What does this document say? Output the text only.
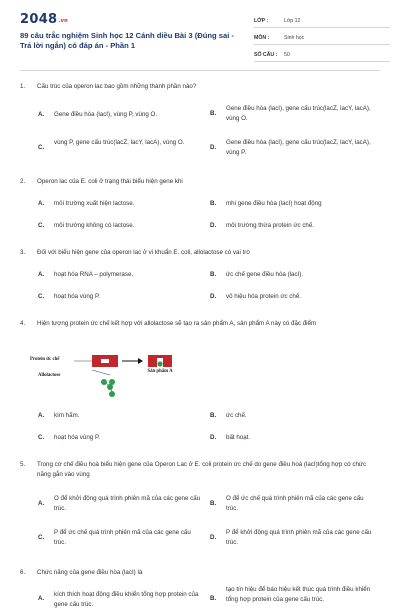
2048.vn
89 câu trắc nghiệm Sinh học 12 Cánh diều Bài 3 (Đúng sai - Trả lời ngắn) có đáp án - Phần 1
LỚP :	Lớp 12
MÔN :	Sinh học
SỐ CÂU :	50
1. Cấu trúc của operon lac bao gồm những thành phần nào?
A. Gene điều hòa (lacI), vùng P, vùng O.	B.
Gene điều hòa (lacI), gene cấu trúc(lacZ, lacY, lacA), vùng O.
C.
vùng P, gene cấu trúc(lacZ, lacY, lacA), vùng O.
D.
Gene điều hòa (lacI), gene cấu trúc(lacZ, lacY, lacA), vùng P.
2. Operon lac của E. coli ở trạng thái biểu hiện gene khi
A. môi trường xuất hiện lactose.	B. mhi gene điều hòa (lacI) hoạt động
C. môi trường không có lactose.	D. môi trường thừa protein ức chế.
3. Đối với biểu hiện gene của operon lac ở vi khuẩn E. coli, allolactose có vai trò
A. hoạt hóa RNA – polymerase.	B. ức chế gene điều hòa (lacI).
C. hoạt hóa vùng P.	D. vô hiệu hóa protein ức chế.
4. Hiện tượng protein ức chế kết hợp với allolactose sẽ tạo ra sản phẩm A, sản phẩm A này có đặc điểm
Protein ức chế
Allolactose
Sản phẩm A
A. kìm hãm.	B. ức chế.
C. hoạt hóa vùng P.	D. bất hoạt.
5. Trong cơ chế điều hoà biểu hiện gene của Operon Lac ở E. coli protein ức chế do gene điều hoà (lacI)tổng hợp có chức năng gắn vào vùng
A.
O để khởi động quá trình phiên mã của các gene cấu trúc.
B.
O để ức chế quá trình phiên mã của các gene cấu trúc.
C.
P để ức chế quá trình phiên mã của các gene cấu trúc.
D.
P để khởi động quá trình phiên mã của các gene cấu trúc.
6. Chức năng của gene điều hòa (lacI) là
A.
kích thích hoạt động điều khiển tổng hợp protein của gene cấu trúc.
B.
tạo tín hiệu để báo hiệu kết thúc quá trình điều khiển tổng hợp protein của gene cấu trúc.
